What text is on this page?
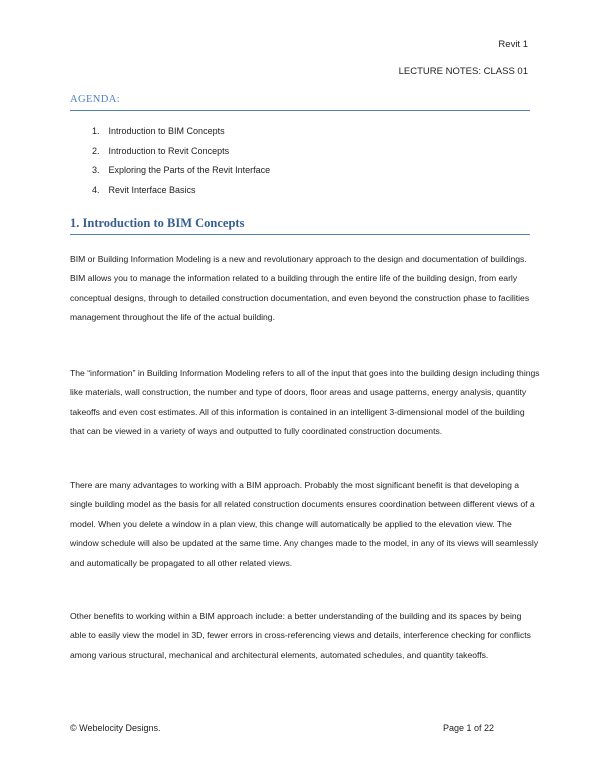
Revit 1
LECTURE NOTES: CLASS 01
AGENDA:
1. Introduction to BIM Concepts
2. Introduction to Revit Concepts
3. Exploring the Parts of the Revit Interface
4. Revit Interface Basics
1. Introduction to BIM Concepts

BIM or Building Information Modeling is a new and revolutionary approach to the design and documentation of buildings. BIM allows you to manage the information related to a building through the entire life of the building design, from early conceptual designs, through to detailed construction documentation, and even beyond the construction phase to facilities management throughout the life of the actual building.

The “information” in Building Information Modeling refers to all of the input that goes into the building design including things like materials, wall construction, the number and type of doors, floor areas and usage patterns, energy analysis, quantity takeoffs and even cost estimates. All of this information is contained in an intelligent 3-dimensional model of the building that can be viewed in a variety of ways and outputted to fully coordinated construction documents.

There are many advantages to working with a BIM approach. Probably the most significant benefit is that developing a single building model as the basis for all related construction documents ensures coordination between different views of a model. When you delete a window in a plan view, this change will automatically be applied to the elevation view. The window schedule will also be updated at the same time. Any changes made to the model, in any of its views will seamlessly and automatically be propagated to all other related views.

Other benefits to working within a BIM approach include: a better understanding of the building and its spaces by being able to easily view the model in 3D, fewer errors in cross-referencing views and details, interference checking for conflicts among various structural, mechanical and architectural elements, automated schedules, and quantity takeoffs.

© Webelocity Designs.	Page 1 of 22
